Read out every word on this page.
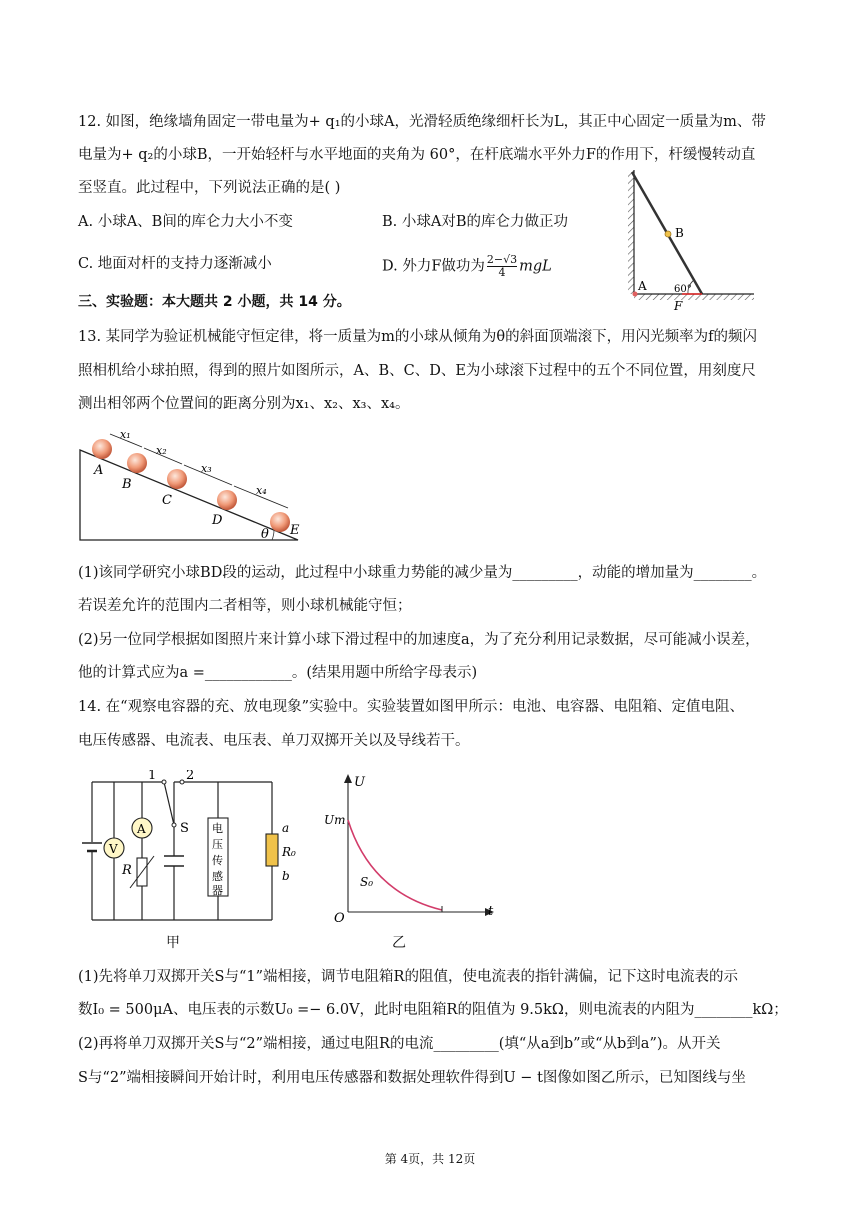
12. 如图，绝缘墙角固定一带电量为+ q₁的小球A，光滑轻质绝缘细杆长为L，其正中心固定一质量为m、带
电量为+ q₂的小球B，一开始轻杆与水平地面的夹角为 60°，在杆底端水平外力F的作用下，杆缓慢转动直
至竖直。此过程中，下列说法正确的是( )
A. 小球A、B间的库仑力大小不变	B. 小球A对B的库仑力做正功
C. 地面对杆的支持力逐渐减小	D. 外力F做功为 $\frac{2-√3}{4}$ mgL
B
A	60°
F
三、实验题：本大题共 2 小题，共 14 分。
13. 某同学为验证机械能守恒定律，将一质量为m的小球从倾角为θ的斜面顶端滚下，用闪光频率为f的频闪
照相机给小球拍照，得到的照片如图所示，A、B、C、D、E为小球滚下过程中的五个不同位置，用刻度尺
测出相邻两个位置间的距离分别为x₁、x₂、x₃、x₄。
θ
A
B
C
D
E
x₁
x₂
x₃
x₄
(1)该同学研究小球BD段的运动，此过程中小球重力势能的减少量为_________，动能的增加量为________。
若误差允许的范围内二者相等，则小球机械能守恒；
(2)另一位同学根据如图照片来计算小球下滑过程中的加速度a，为了充分利用记录数据，尽可能减小误差，
他的计算式应为a =____________。(结果用题中所给字母表示)
14. 在“观察电容器的充、放电现象”实验中。实验装置如图甲所示：电池、电容器、电阻箱、定值电阻、
电压传感器、电流表、电压表、单刀双掷开关以及导线若干。
V
A
R
1 2
S 电
压
传
感
器
a
R₀
b
甲
U
t
O
Um
S₀
乙
(1)先将单刀双掷开关S与“1”端相接，调节电阻箱R的阻值，使电流表的指针满偏，记下这时电流表的示
数I₀ = 500μA、电压表的示数U₀ =− 6.0V，此时电阻箱R的阻值为 9.5kΩ，则电流表的内阻为________kΩ；
(2)再将单刀双掷开关S与“2”端相接，通过电阻R的电流_________(填“从a到b”或“从b到a”)。从开关
S与“2”端相接瞬间开始计时，利用电压传感器和数据处理软件得到U − t图像如图乙所示，已知图线与坐
第 4页，共 12页
